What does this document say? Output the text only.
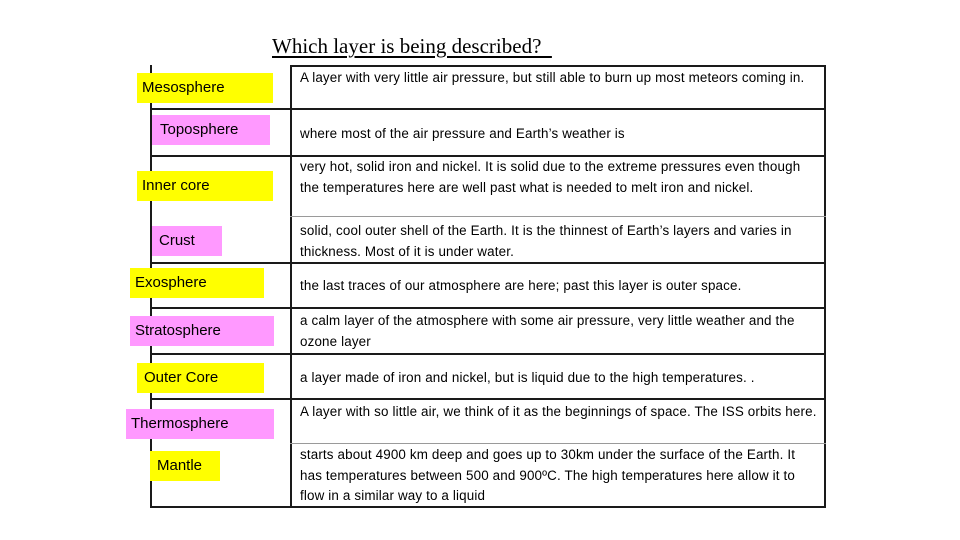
Which layer is being described?
Mesosphere
Toposphere
Inner core
Crust
Exosphere
Stratosphere
Outer Core
Thermosphere
Mantle
A layer with very little air pressure, but still able to burn up most meteors coming in.
where most of the air pressure and Earth’s weather is
very hot, solid iron and nickel. It is solid due to the extreme pressures even though the temperatures here are well past what is needed to melt iron and nickel.
solid, cool outer shell of the Earth. It is the thinnest of Earth’s layers and varies in thickness. Most of it is under water.
the last traces of our atmosphere are here; past this layer is outer space.
a calm layer of the atmosphere with some air pressure, very little weather and the ozone layer
a layer made of iron and nickel, but is liquid due to the high temperatures. .
A layer with so little air, we think of it as the beginnings of space. The ISS orbits here.
starts about 4900 km deep and goes up to 30km under the surface of the Earth. It has temperatures between 500 and 900ºC. The high temperatures here allow it to flow in a similar way to a liquid
